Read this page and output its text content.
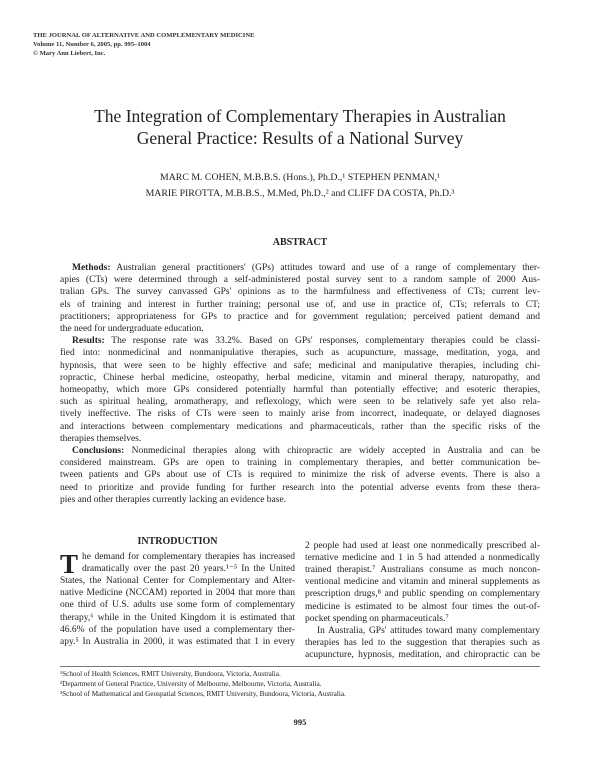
THE JOURNAL OF ALTERNATIVE AND COMPLEMENTARY MEDICINE
Volume 11, Number 6, 2005, pp. 995–1004
© Mary Ann Liebert, Inc.
The Integration of Complementary Therapies in Australian
General Practice: Results of a National Survey
MARC M. COHEN, M.B.B.S. (Hons.), Ph.D.,¹ STEPHEN PENMAN,¹
MARIE PIROTTA, M.B.B.S., M.Med, Ph.D.,² and CLIFF DA COSTA, Ph.D.³
ABSTRACT
Methods: Australian general practitioners' (GPs) attitudes toward and use of a range of complementary ther-
apies (CTs) were determined through a self-administered postal survey sent to a random sample of 2000 Aus-
tralian GPs. The survey canvassed GPs' opinions as to the harmfulness and effectiveness of CTs; current lev-
els of training and interest in further training; personal use of, and use in practice of, CTs; referrals to CT;
practitioners; appropriateness for GPs to practice and for government regulation; perceived patient demand and
the need for undergraduate education.
Results: The response rate was 33.2%. Based on GPs' responses, complementary therapies could be classi-
fied into: nonmedicinal and nonmanipulative therapies, such as acupuncture, massage, meditation, yoga, and
hypnosis, that were seen to be highly effective and safe; medicinal and manipulative therapies, including chi-
ropractic, Chinese herbal medicine, osteopathy, herbal medicine, vitamin and mineral therapy, naturopathy, and
homeopathy, which more GPs considered potentially harmful than potentially effective; and esoteric therapies,
such as spiritual healing, aromatherapy, and reflexology, which were seen to be relatively safe yet also rela-
tively ineffective. The risks of CTs were seen to mainly arise from incorrect, inadequate, or delayed diagnoses
and interactions between complementary medications and pharmaceuticals, rather than the specific risks of the
therapies themselves.
Conclusions: Nonmedicinal therapies along with chiropractic are widely accepted in Australia and can be
considered mainstream. GPs are open to training in complementary therapies, and better communication be-
tween patients and GPs about use of CTs is required to minimize the risk of adverse events. There is also a
need to prioritize and provide funding for further research into the potential adverse events from these thera-
pies and other therapies currently lacking an evidence base.
INTRODUCTION
T he demand for complementary therapies has increased
dramatically over the past 20 years.¹⁻⁵ In the United
States, the National Center for Complementary and Alter-
native Medicine (NCCAM) reported in 2004 that more than
one third of U.S. adults use some form of complementary
therapy,⁶ while in the United Kingdom it is estimated that
46.6% of the population have used a complementary ther-
apy.⁵ In Australia in 2000, it was estimated that 1 in every
2 people had used at least one nonmedically prescribed al-
ternative medicine and 1 in 5 had attended a nonmedically
trained therapist.⁷ Australians consume as much noncon-
ventional medicine and vitamin and mineral supplements as
prescription drugs,⁸ and public spending on complementary
medicine is estimated to be almost four times the out-of-
pocket spending on pharmaceuticals.⁷
In Australia, GPs' attitudes toward many complementary
therapies has led to the suggestion that therapies such as
acupuncture, hypnosis, meditation, and chiropractic can be
¹School of Health Sciences, RMIT University, Bundoora, Victoria, Australia.
²Department of General Practice, University of Melbourne, Melbourne, Victoria, Australia.
³School of Mathematical and Geospatial Sciences, RMIT University, Bundoora, Victoria, Australia.
995
